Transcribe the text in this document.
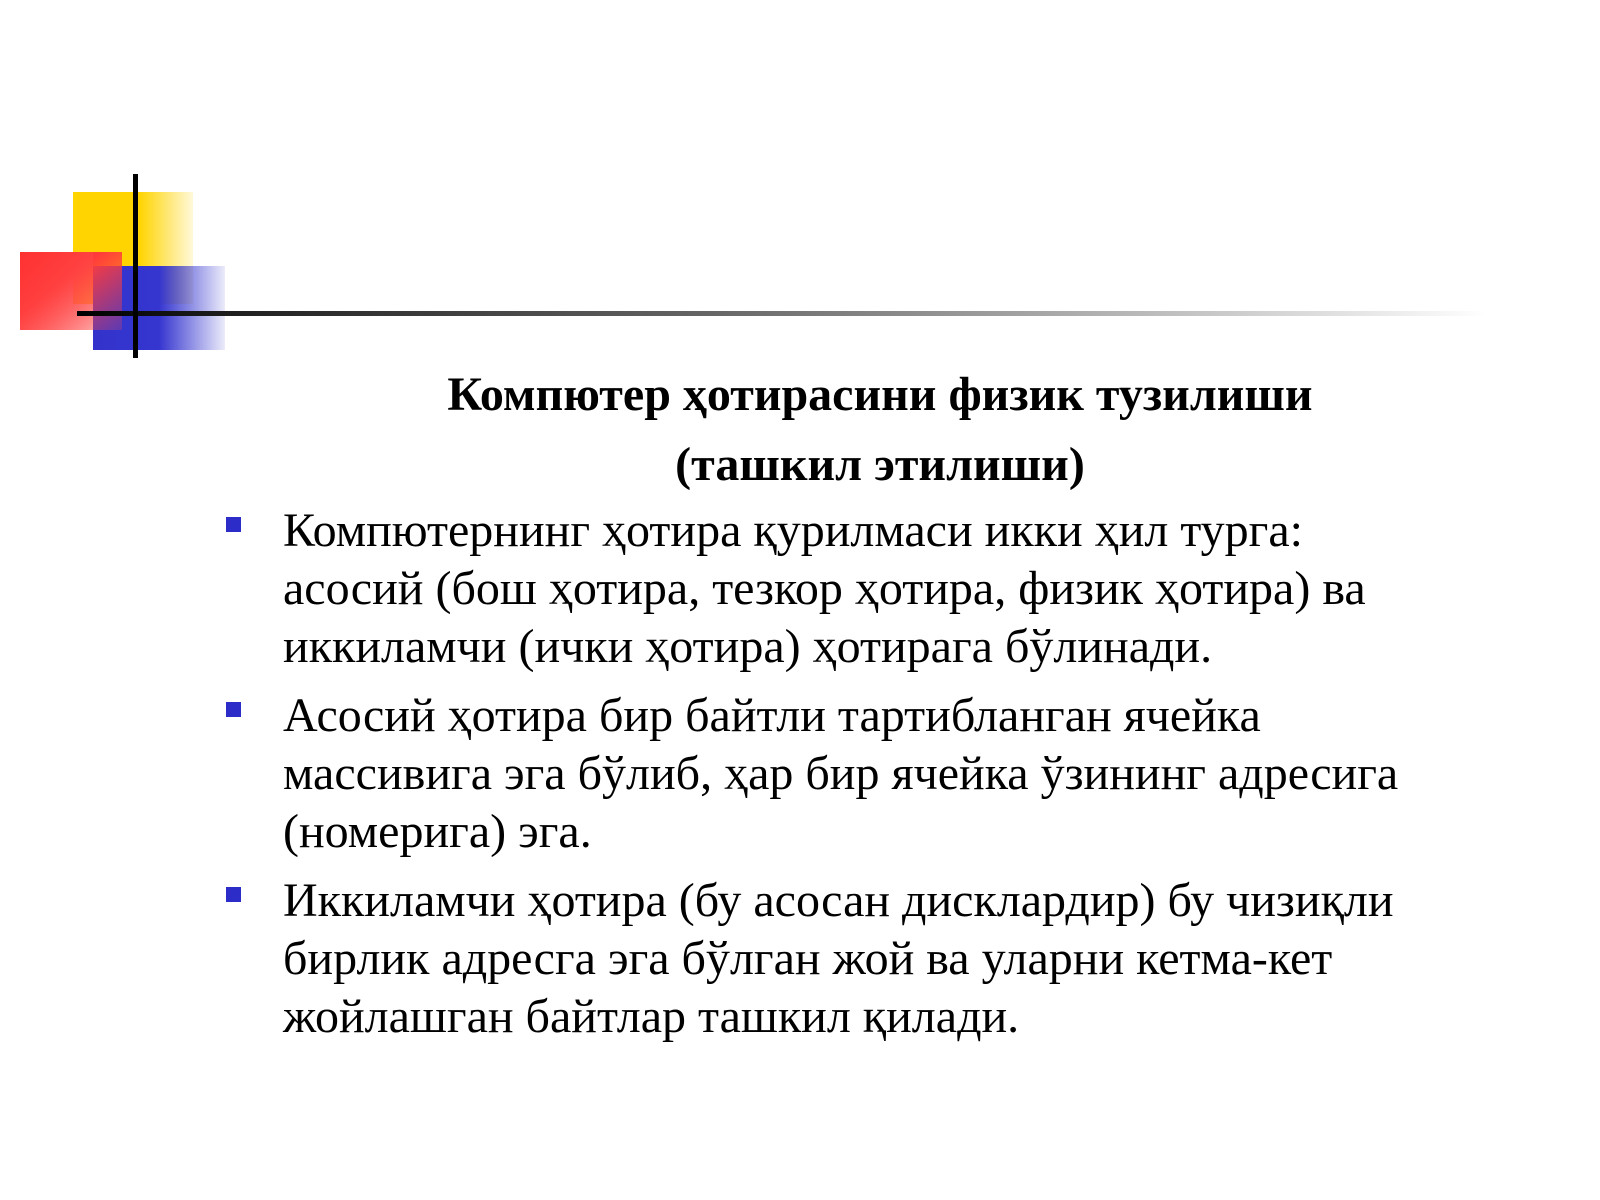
Компютер ҳотирасини физик тузилиши
(ташкил этилиши)
Компютернинг ҳотира қурилмаси икки ҳил турга:
асосий (бош ҳотира, тезкор ҳотира, физик ҳотира) ва
иккиламчи (ички ҳотира) ҳотирага бўлинади.
Асосий ҳотира бир байтли тартибланган ячейка
массивига эга бўлиб, ҳар бир ячейка ўзининг адресига
(номерига) эга.
Иккиламчи ҳотира (бу асосан дисклардир) бу чизиқли
бирлик адресга эга бўлган жой ва уларни кетма-кет
жойлашган байтлар ташкил қилади.
